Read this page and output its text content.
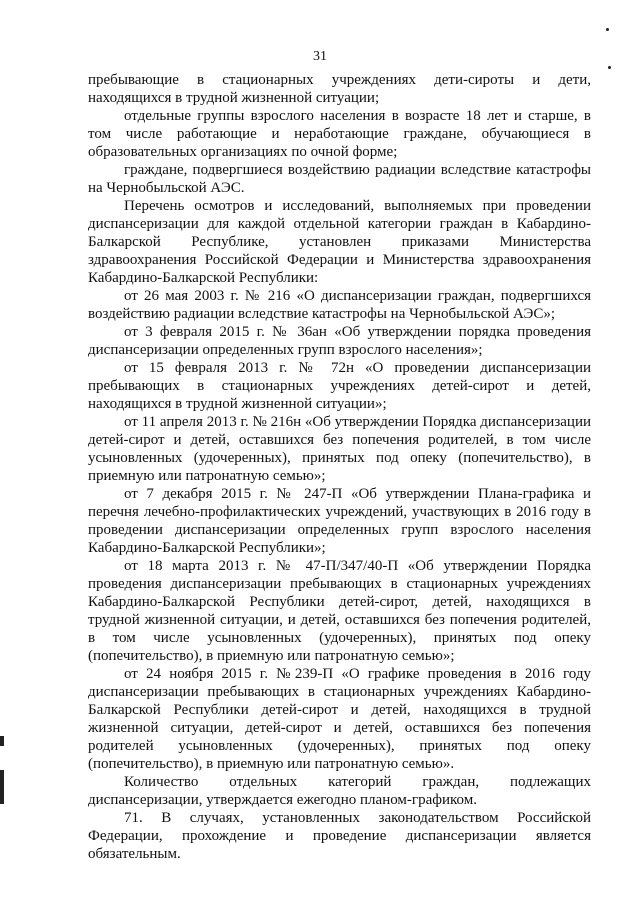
31

пребывающие в стационарных учреждениях дети-сироты и дети, находящихся в трудной жизненной ситуации;

отдельные группы взрослого населения в возрасте 18 лет и старше, в том числе работающие и неработающие граждане, обучающиеся в образовательных организациях по очной форме;

граждане, подвергшиеся воздействию радиации вследствие катастрофы на Чернобыльской АЭС.

Перечень осмотров и исследований, выполняемых при проведении диспансеризации для каждой отдельной категории граждан в Кабардино-Балкарской Республике, установлен приказами Министерства здравоохранения Российской Федерации и Министерства здравоохранения Кабардино-Балкарской Республики:

от 26 мая 2003 г. № 216 «О диспансеризации граждан, подвергшихся воздействию радиации вследствие катастрофы на Чернобыльской АЭС»;

от 3 февраля 2015 г. № 36ан «Об утверждении порядка проведения диспансеризации определенных групп взрослого населения»;

от 15 февраля 2013 г. № 72н «О проведении диспансеризации пребывающих в стационарных учреждениях детей-сирот и детей, находящихся в трудной жизненной ситуации»;

от 11 апреля 2013 г. № 216н «Об утверждении Порядка диспансеризации детей-сирот и детей, оставшихся без попечения родителей, в том числе усыновленных (удочеренных), принятых под опеку (попечительство), в приемную или патронатную семью»;

от 7 декабря 2015 г. № 247-П «Об утверждении Плана-графика и перечня лечебно-профилактических учреждений, участвующих в 2016 году в проведении диспансеризации определенных групп взрослого населения Кабардино-Балкарской Республики»;

от 18 марта 2013 г. № 47-П/347/40-П «Об утверждении Порядка проведения диспансеризации пребывающих в стационарных учреждениях Кабардино-Балкарской Республики детей-сирот, детей, находящихся в трудной жизненной ситуации, и детей, оставшихся без попечения родителей, в том числе усыновленных (удочеренных), принятых под опеку (попечительство), в приемную или патронатную семью»;

от 24 ноября 2015 г. №239-П «О графике проведения в 2016 году диспансеризации пребывающих в стационарных учреждениях Кабардино-Балкарской Республики детей-сирот и детей, находящихся в трудной жизненной ситуации, детей-сирот и детей, оставшихся без попечения родителей усыновленных (удочеренных), принятых под опеку (попечительство), в приемную или патронатную семью».

Количество отдельных категорий граждан, подлежащих диспансеризации, утверждается ежегодно планом-графиком.

71. В случаях, установленных законодательством Российской Федерации, прохождение и проведение диспансеризации является обязательным.
